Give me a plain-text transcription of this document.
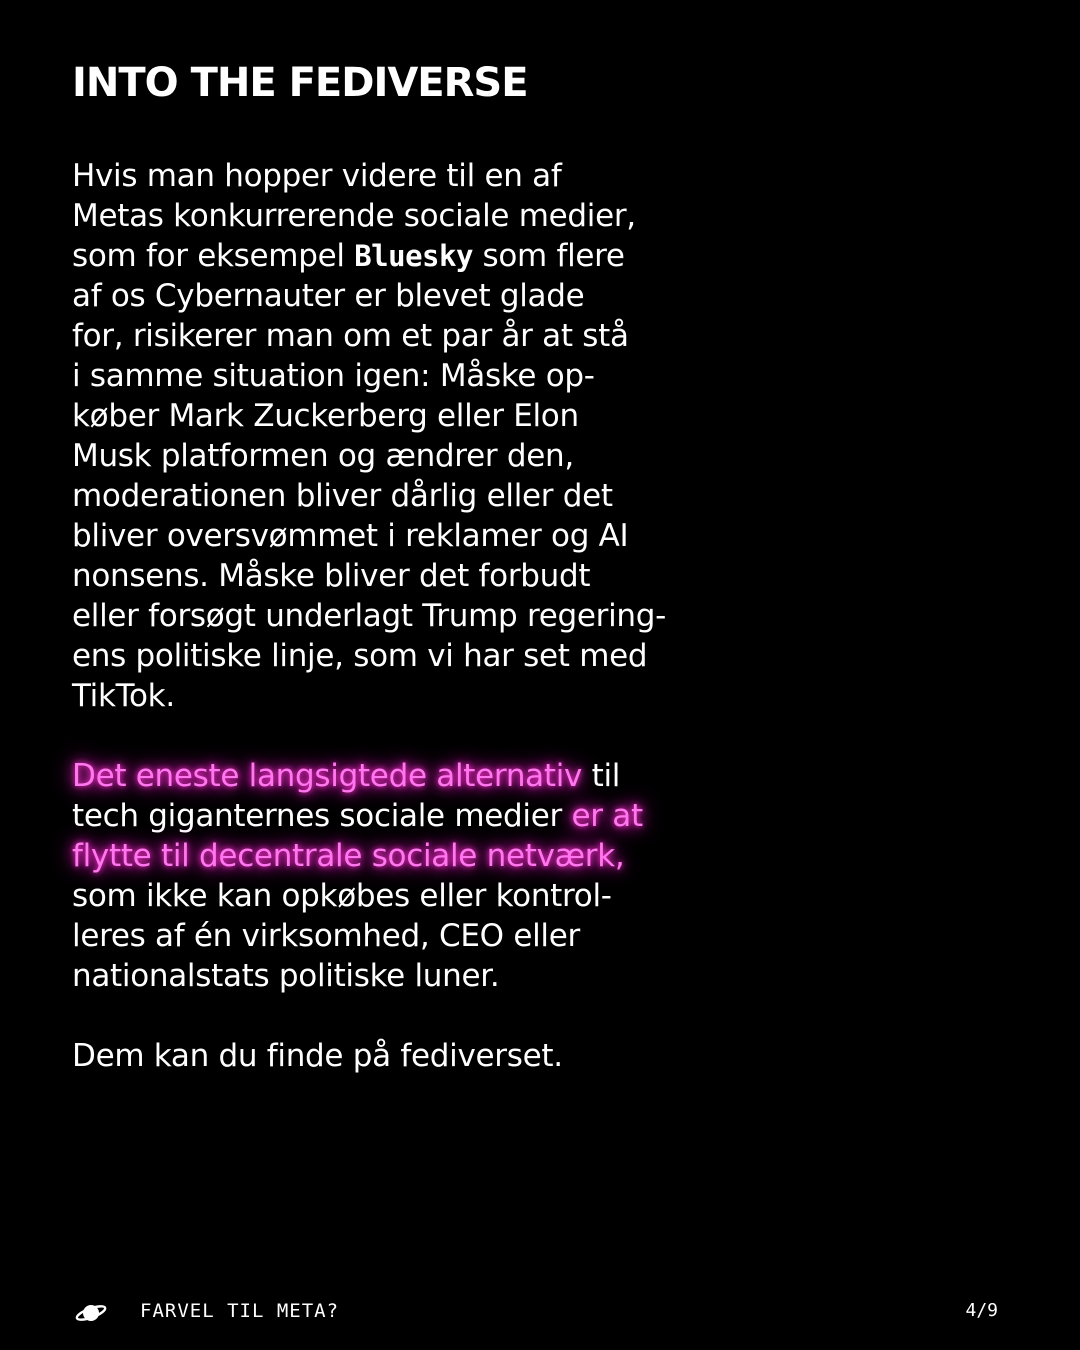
INTO THE FEDIVERSE
Hvis man hopper videre til en af
Metas konkurrerende sociale medier,
som for eksempel Bluesky som flere
af os Cybernauter er blevet glade
for, risikerer man om et par år at stå
i samme situation igen: Måske op-
køber Mark Zuckerberg eller Elon
Musk platformen og ændrer den,
moderationen bliver dårlig eller det
bliver oversvømmet i reklamer og AI
nonsens. Måske bliver det forbudt
eller forsøgt underlagt Trump regering-
ens politiske linje, som vi har set med
TikTok.
Det eneste langsigtede alternativ til
tech giganternes sociale medier er at
flytte til decentrale sociale netværk,
som ikke kan opkøbes eller kontrol-
leres af én virksomhed, CEO eller
nationalstats politiske luner.
Dem kan du finde på fediverset.
FARVEL TIL META?	4/9
